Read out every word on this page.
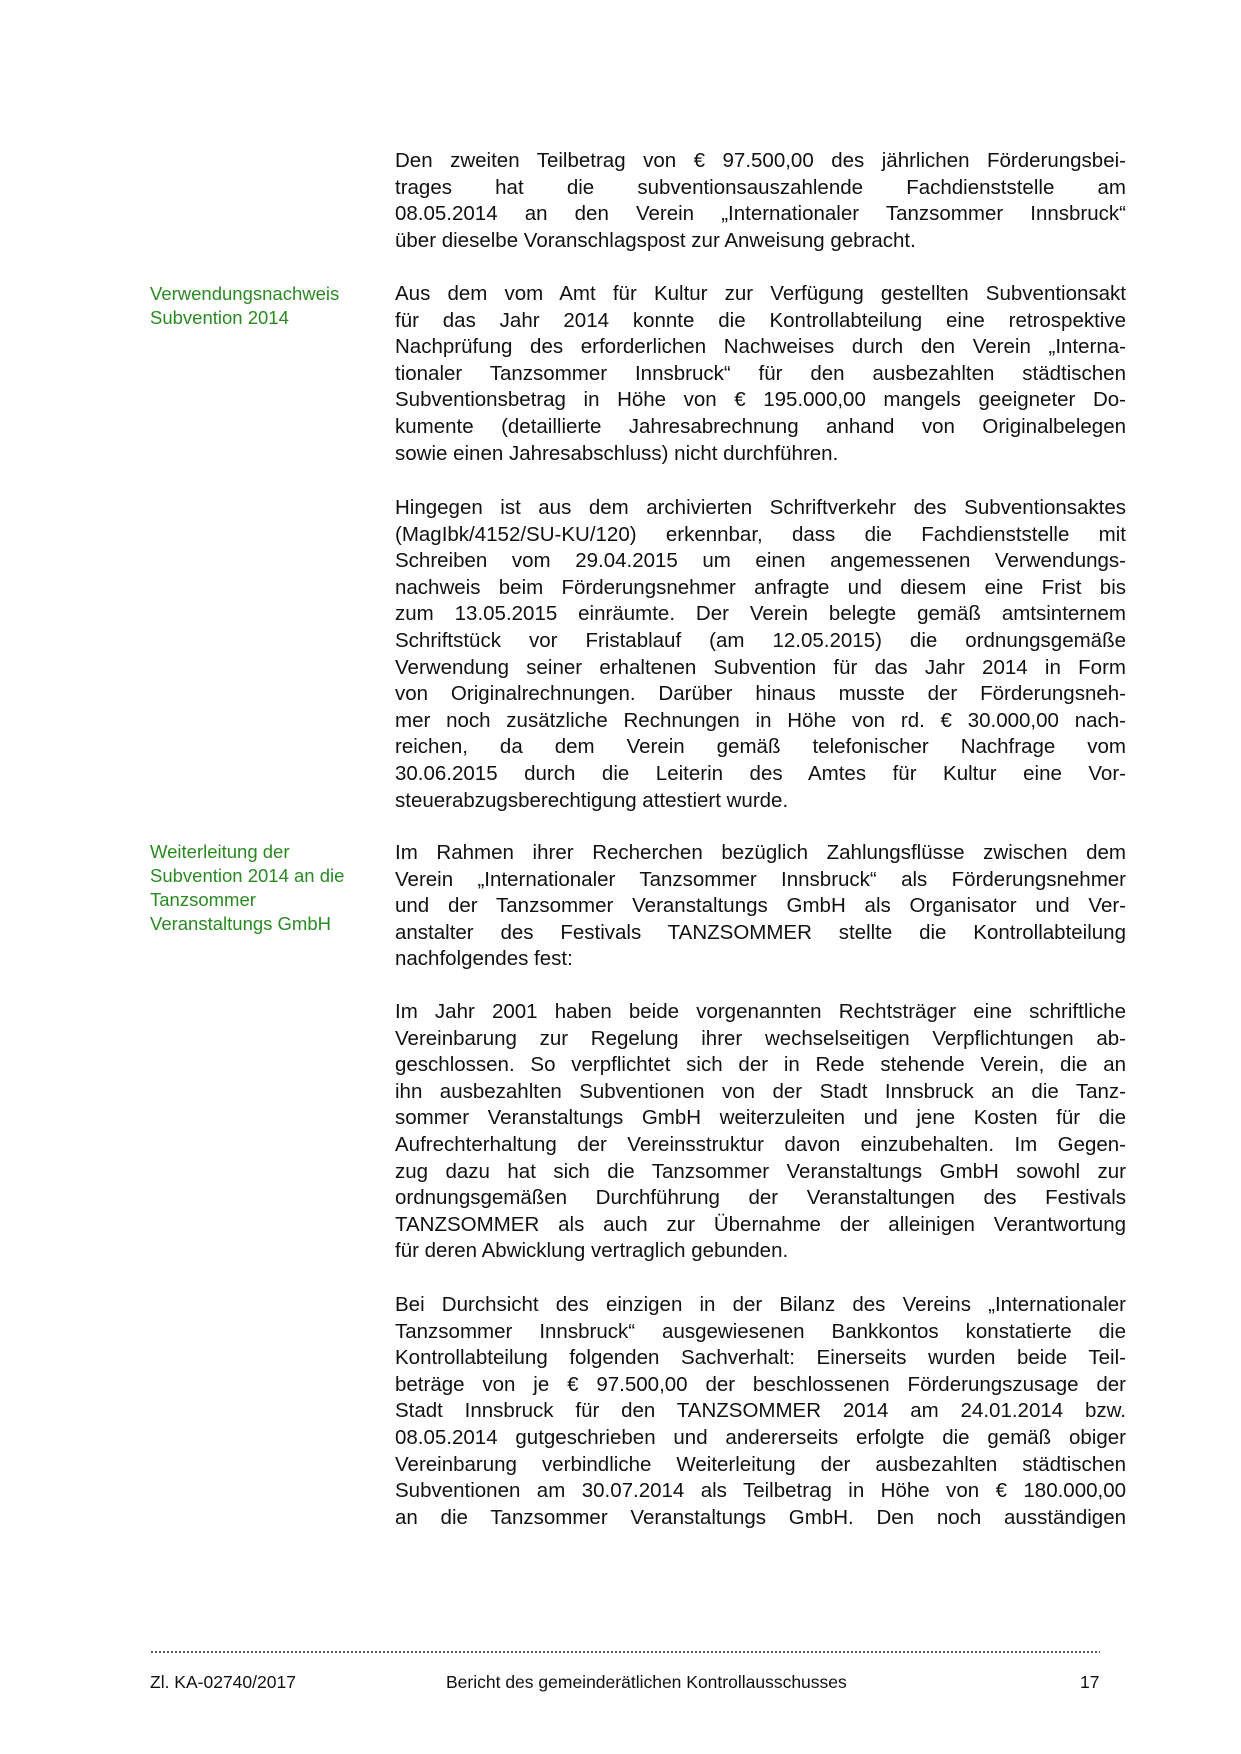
Verwendungsnachweis
Subvention 2014
Weiterleitung der
Subvention 2014 an die
Tanzsommer
Veranstaltungs GmbH
Den zweiten Teilbetrag von € 97.500,00 des jährlichen Förderungsbei-
trages hat die subventionsauszahlende Fachdienststelle am
08.05.2014 an den Verein „Internationaler Tanzsommer Innsbruck“
über dieselbe Voranschlagspost zur Anweisung gebracht.
Aus dem vom Amt für Kultur zur Verfügung gestellten Subventionsakt
für das Jahr 2014 konnte die Kontrollabteilung eine retrospektive
Nachprüfung des erforderlichen Nachweises durch den Verein „Interna-
tionaler Tanzsommer Innsbruck“ für den ausbezahlten städtischen
Subventionsbetrag in Höhe von € 195.000,00 mangels geeigneter Do-
kumente (detaillierte Jahresabrechnung anhand von Originalbelegen
sowie einen Jahresabschluss) nicht durchführen.
Hingegen ist aus dem archivierten Schriftverkehr des Subventionsaktes
(MagIbk/4152/SU-KU/120) erkennbar, dass die Fachdienststelle mit
Schreiben vom 29.04.2015 um einen angemessenen Verwendungs-
nachweis beim Förderungsnehmer anfragte und diesem eine Frist bis
zum 13.05.2015 einräumte. Der Verein belegte gemäß amtsinternem
Schriftstück vor Fristablauf (am 12.05.2015) die ordnungsgemäße
Verwendung seiner erhaltenen Subvention für das Jahr 2014 in Form
von Originalrechnungen. Darüber hinaus musste der Förderungsneh-
mer noch zusätzliche Rechnungen in Höhe von rd. € 30.000,00 nach-
reichen, da dem Verein gemäß telefonischer Nachfrage vom
30.06.2015 durch die Leiterin des Amtes für Kultur eine Vor-
steuerabzugsberechtigung attestiert wurde.
Im Rahmen ihrer Recherchen bezüglich Zahlungsflüsse zwischen dem
Verein „Internationaler Tanzsommer Innsbruck“ als Förderungsnehmer
und der Tanzsommer Veranstaltungs GmbH als Organisator und Ver-
anstalter des Festivals TANZSOMMER stellte die Kontrollabteilung
nachfolgendes fest:
Im Jahr 2001 haben beide vorgenannten Rechtsträger eine schriftliche
Vereinbarung zur Regelung ihrer wechselseitigen Verpflichtungen ab-
geschlossen. So verpflichtet sich der in Rede stehende Verein, die an
ihn ausbezahlten Subventionen von der Stadt Innsbruck an die Tanz-
sommer Veranstaltungs GmbH weiterzuleiten und jene Kosten für die
Aufrechterhaltung der Vereinsstruktur davon einzubehalten. Im Gegen-
zug dazu hat sich die Tanzsommer Veranstaltungs GmbH sowohl zur
ordnungsgemäßen Durchführung der Veranstaltungen des Festivals
TANZSOMMER als auch zur Übernahme der alleinigen Verantwortung
für deren Abwicklung vertraglich gebunden.
Bei Durchsicht des einzigen in der Bilanz des Vereins „Internationaler
Tanzsommer Innsbruck“ ausgewiesenen Bankkontos konstatierte die
Kontrollabteilung folgenden Sachverhalt: Einerseits wurden beide Teil-
beträge von je € 97.500,00 der beschlossenen Förderungszusage der
Stadt Innsbruck für den TANZSOMMER 2014 am 24.01.2014 bzw.
08.05.2014 gutgeschrieben und andererseits erfolgte die gemäß obiger
Vereinbarung verbindliche Weiterleitung der ausbezahlten städtischen
Subventionen am 30.07.2014 als Teilbetrag in Höhe von € 180.000,00
an die Tanzsommer Veranstaltungs GmbH. Den noch ausständigen
Zl. KA-02740/2017	Bericht des gemeinderätlichen Kontrollausschusses	17
